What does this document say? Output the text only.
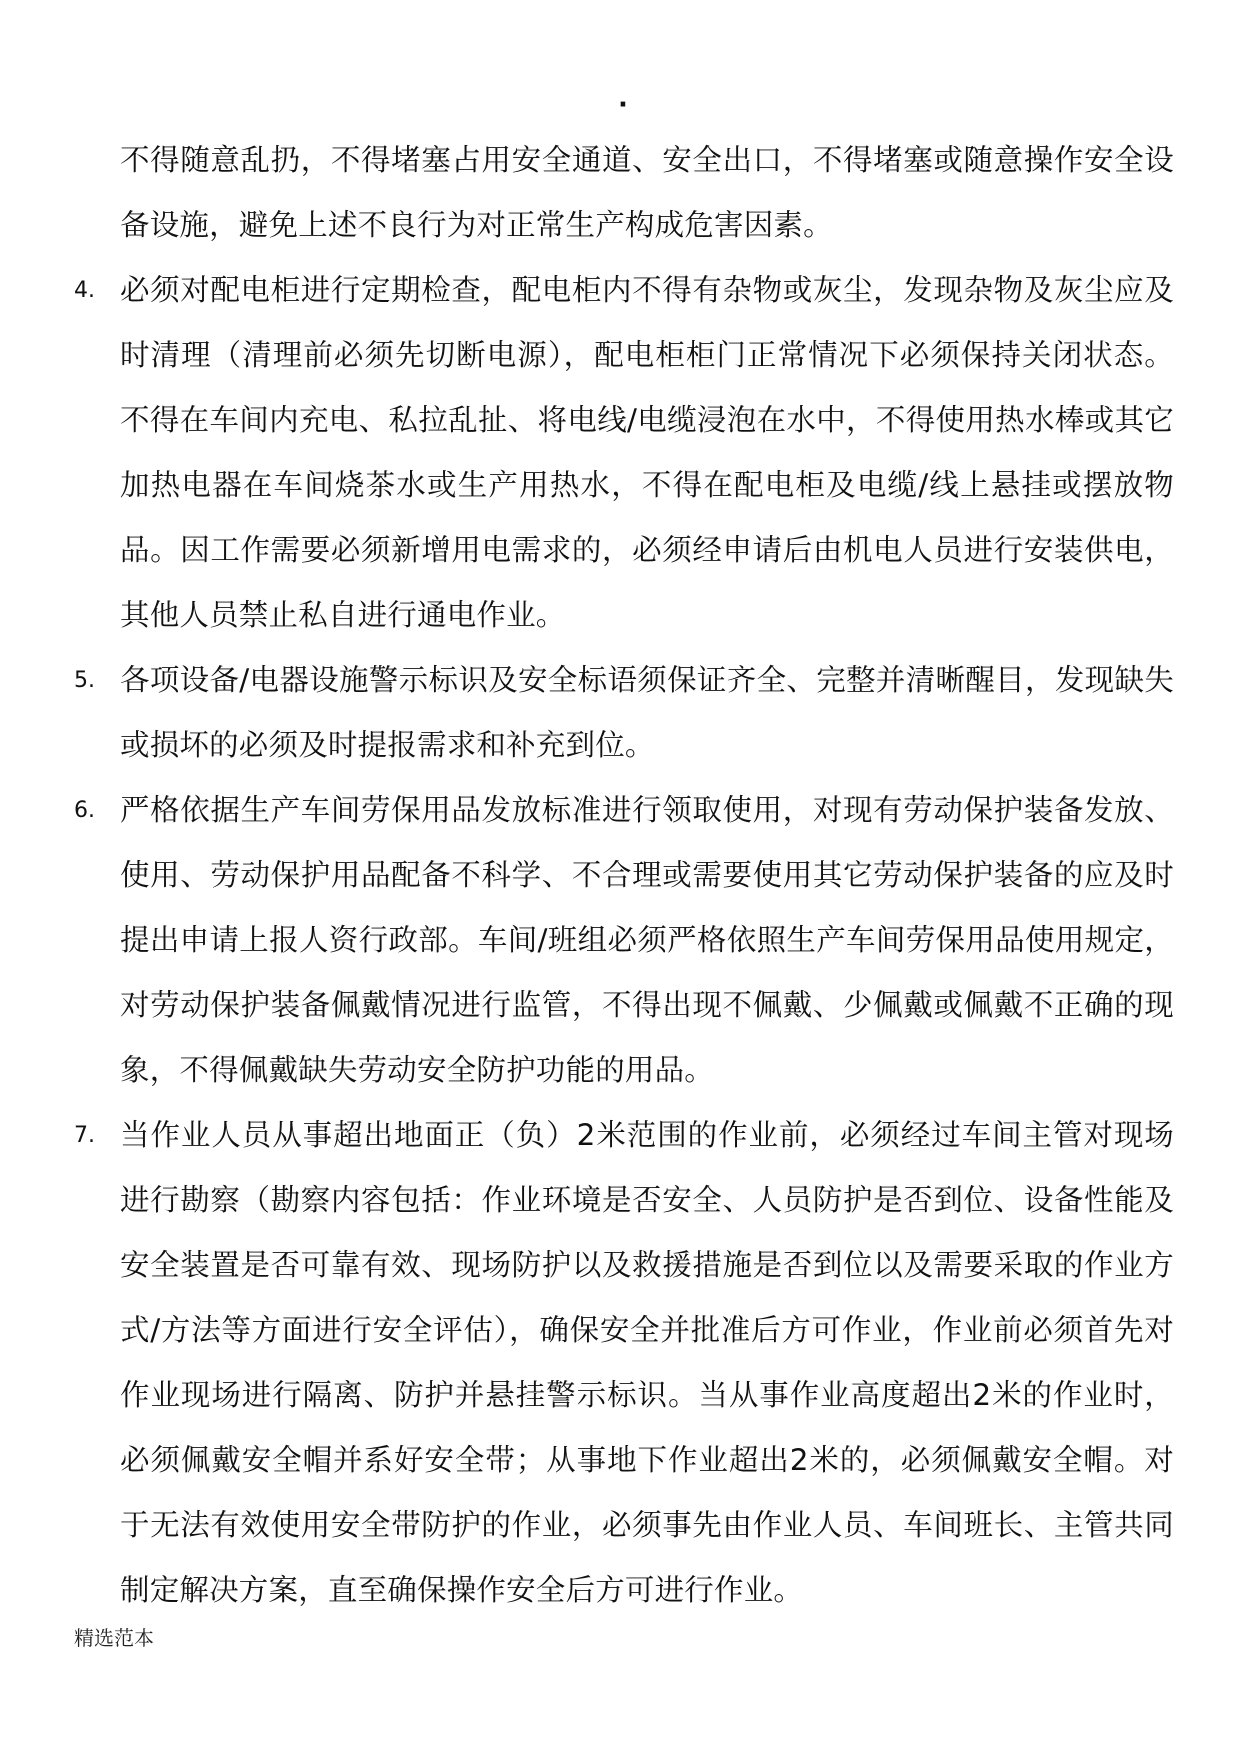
·
不得随意乱扔，不得堵塞占用安全通道、安全出口，不得堵塞或随意操作安全设备设施，避免上述不良行为对正常生产构成危害因素。
4. 必须对配电柜进行定期检查，配电柜内不得有杂物或灰尘，发现杂物及灰尘应及时清理（清理前必须先切断电源），配电柜柜门正常情况下必须保持关闭状态。不得在车间内充电、私拉乱扯、将电线/电缆浸泡在水中，不得使用热水棒或其它加热电器在车间烧茶水或生产用热水，不得在配电柜及电缆/线上悬挂或摆放物品。因工作需要必须新增用电需求的，必须经申请后由机电人员进行安装供电，其他人员禁止私自进行通电作业。
5. 各项设备/电器设施警示标识及安全标语须保证齐全、完整并清晰醒目，发现缺失或损坏的必须及时提报需求和补充到位。
6. 严格依据生产车间劳保用品发放标准进行领取使用，对现有劳动保护装备发放、使用、劳动保护用品配备不科学、不合理或需要使用其它劳动保护装备的应及时提出申请上报人资行政部。车间/班组必须严格依照生产车间劳保用品使用规定，对劳动保护装备佩戴情况进行监管，不得出现不佩戴、少佩戴或佩戴不正确的现象，不得佩戴缺失劳动安全防护功能的用品。
7. 当作业人员从事超出地面正（负）2米范围的作业前，必须经过车间主管对现场进行勘察（勘察内容包括：作业环境是否安全、人员防护是否到位、设备性能及安全装置是否可靠有效、现场防护以及救援措施是否到位以及需要采取的作业方式/方法等方面进行安全评估），确保安全并批准后方可作业，作业前必须首先对作业现场进行隔离、防护并悬挂警示标识。当从事作业高度超出2米的作业时，必须佩戴安全帽并系好安全带；从事地下作业超出2米的，必须佩戴安全帽。对于无法有效使用安全带防护的作业，必须事先由作业人员、车间班长、主管共同制定解决方案，直至确保操作安全后方可进行作业。
精选范本
